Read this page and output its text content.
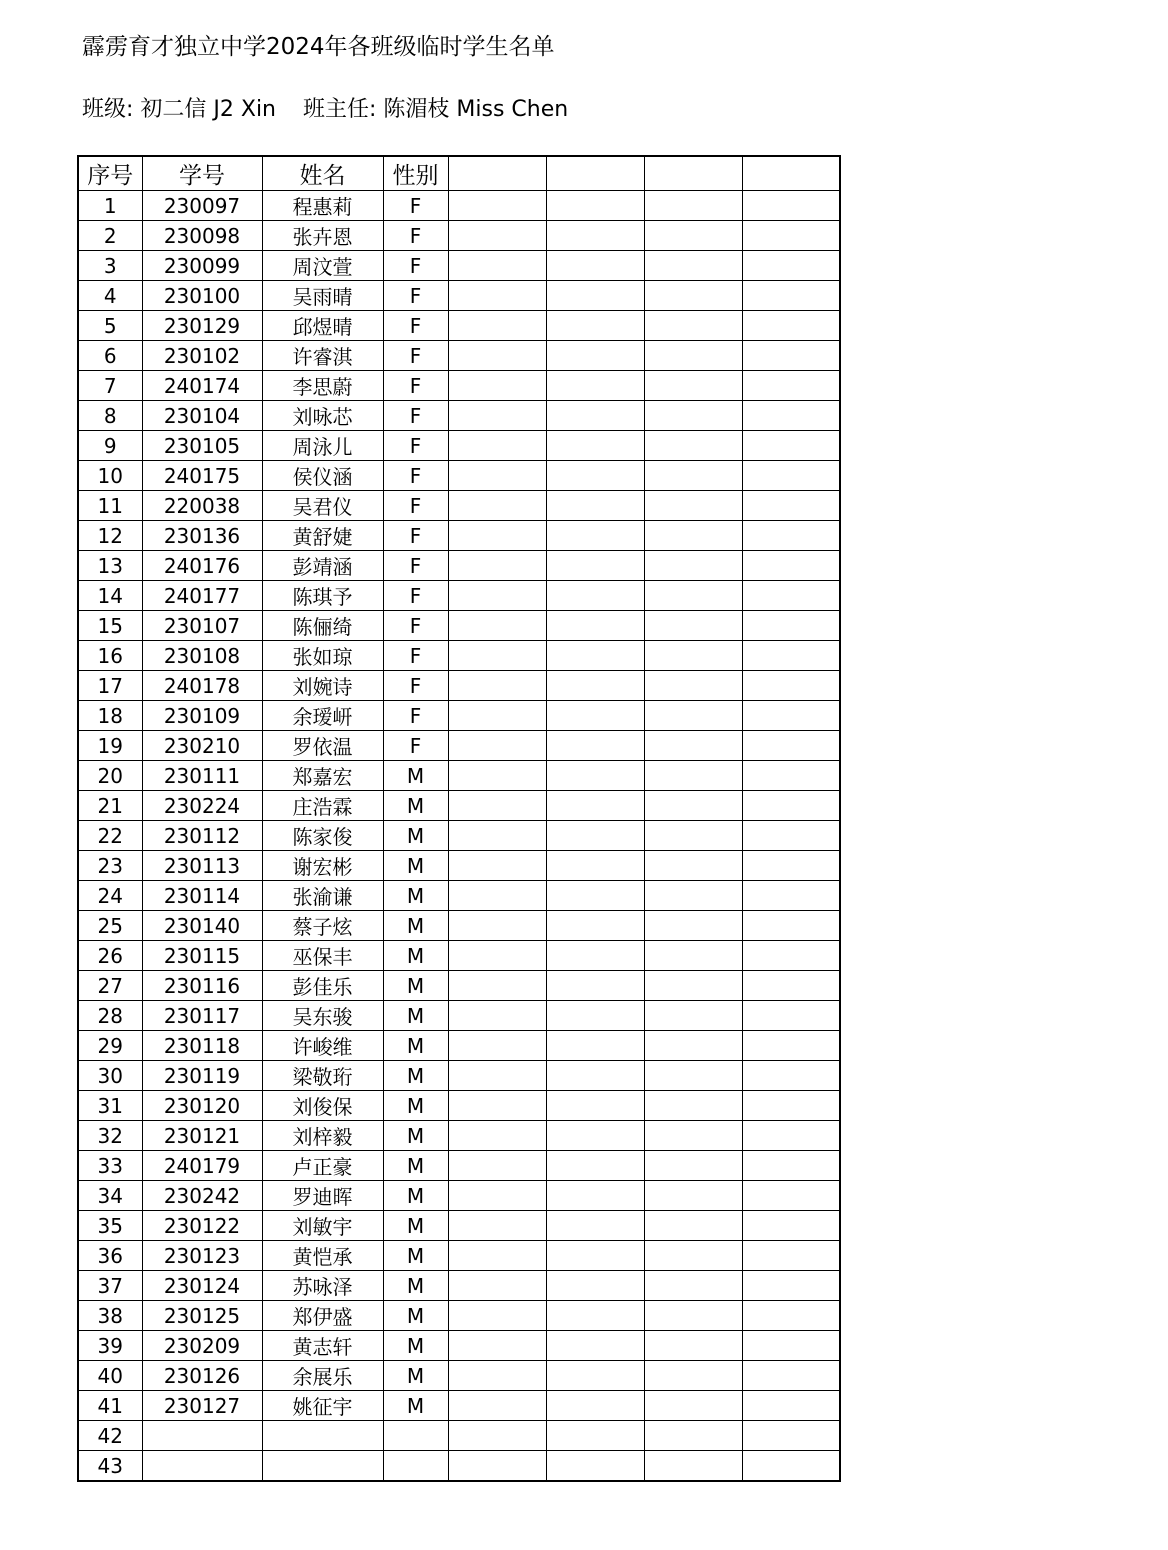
霹雳育才独立中学2024年各班级临时学生名单
班级: 初二信 J2 Xin 班主任: 陈湄枝 Miss Chen
序号	学号	姓名	性别				
1	230097	程惠莉	F				
2	230098	张卉恩	F				
3	230099	周汶萱	F				
4	230100	吴雨晴	F				
5	230129	邱煜晴	F				
6	230102	许睿淇	F				
7	240174	李思蔚	F				
8	230104	刘咏芯	F				
9	230105	周泳儿	F				
10	240175	侯仪涵	F				
11	220038	吴君仪	F				
12	230136	黄舒婕	F				
13	240176	彭靖涵	F				
14	240177	陈琪予	F				
15	230107	陈俪绮	F				
16	230108	张如琼	F				
17	240178	刘婉诗	F				
18	230109	余瑷岍	F				
19	230210	罗依温	F				
20	230111	郑嘉宏	M				
21	230224	庄浩霖	M				
22	230112	陈家俊	M				
23	230113	谢宏彬	M				
24	230114	张渝谦	M				
25	230140	蔡子炫	M				
26	230115	巫保丰	M				
27	230116	彭佳乐	M				
28	230117	吴东骏	M				
29	230118	许峻维	M				
30	230119	梁敬珩	M				
31	230120	刘俊保	M				
32	230121	刘梓毅	M				
33	240179	卢正豪	M				
34	230242	罗迪晖	M				
35	230122	刘敏宇	M				
36	230123	黄恺承	M				
37	230124	苏咏泽	M				
38	230125	郑伊盛	M				
39	230209	黄志轩	M				
40	230126	余展乐	M				
41	230127	姚征宇	M				
42							
43							
